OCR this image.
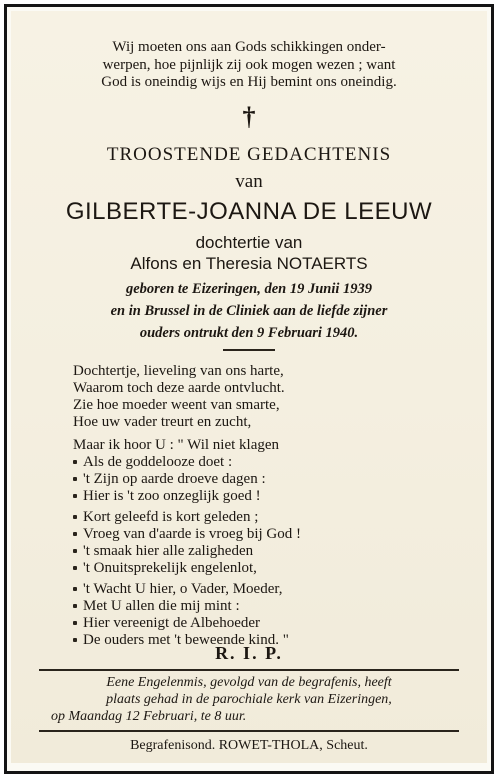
Wij moeten ons aan Gods schikkingen onder-
werpen, hoe pijnlijk zij ook mogen wezen ; want
God is oneindig wijs en Hij bemint ons oneindig.
†
TROOSTENDE GEDACHTENIS
van
GILBERTE-JOANNA DE LEEUW
dochtertie van
Alfons en Theresia NOTAERTS
geboren te Eizeringen, den 19 Junii 1939
en in Brussel in de Cliniek aan de liefde zijner
ouders ontrukt den 9 Februari 1940.
Dochtertje, lieveling van ons harte,
Waarom toch deze aarde ontvlucht.
Zie hoe moeder weent van smarte,
Hoe uw vader treurt en zucht,
Maar ik hoor U : " Wil niet klagen
Als de goddelooze doet :
't Zijn op aarde droeve dagen :
Hier is 't zoo onzeglijk goed !
Kort geleefd is kort geleden ;
Vroeg van d'aarde is vroeg bij God !
't smaak hier alle zaligheden
't Onuitsprekelijk engelenlot,
't Wacht U hier, o Vader, Moeder,
Met U allen die mij mint :
Hier vereenigt de Albehoeder
De ouders met 't beweende kind. "
R. I. P.
Eene Engelenmis, gevolgd van de begrafenis, heeft
plaats gehad in de parochiale kerk van Eizeringen,
op Maandag 12 Februari, te 8 uur.
Begrafenisond. ROWET-THOLA, Scheut.
